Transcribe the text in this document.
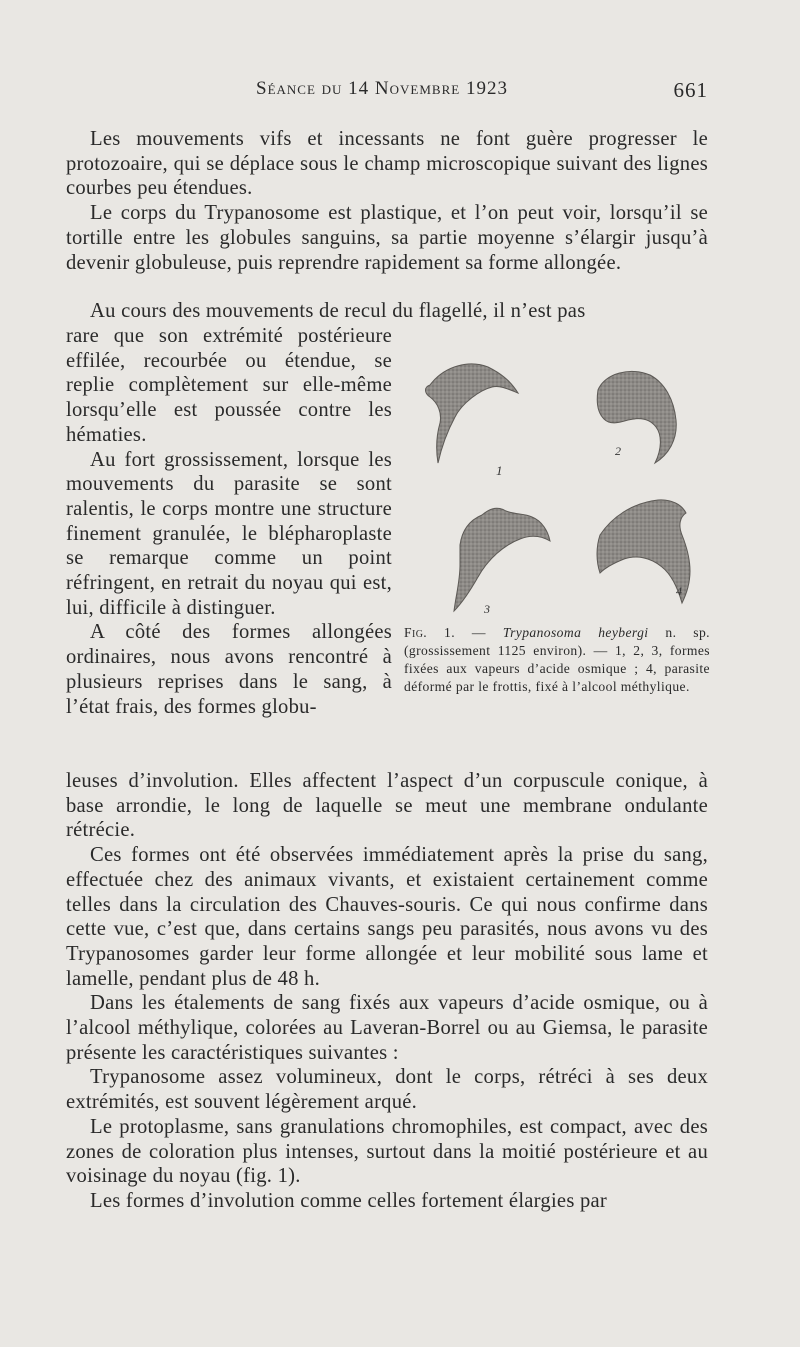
Séance du 14 Novembre 1923	661

Les mouvements vifs et incessants ne font guère progresser le protozoaire, qui se déplace sous le champ microscopique suivant des lignes courbes peu étendues.

Le corps du Trypanosome est plastique, et l’on peut voir, lorsqu’il se tortille entre les globules sanguins, sa partie moyenne s’élargir jusqu’à devenir globuleuse, puis reprendre rapidement sa forme allongée.

Au cours des mouvements de recul du flagellé, il n’est pas

rare que son extrémité postérieure effilée, recourbée ou étendue, se replie complètement sur elle-même lorsqu’elle est poussée contre les hématies.

Au fort grossissement, lorsque les mouvements du parasite se sont ralentis, le corps montre une structure finement granulée, le blépharoplaste se remarque comme un point réfringent, en retrait du noyau qui est, lui, difficile à distinguer.

A côté des formes allongées ordinaires, nous avons rencontré à plusieurs reprises dans le sang, à l’état frais, des formes globu-

1
2
3
4
Fig. 1. — Trypanosoma heybergi n. sp. (grossissement 1125 environ). — 1, 2, 3, formes fixées aux vapeurs d’acide osmique ; 4, parasite déformé par le frottis, fixé à l’alcool méthylique.

leuses d’involution. Elles affectent l’aspect d’un corpuscule conique, à base arrondie, le long de laquelle se meut une membrane ondulante rétrécie.

Ces formes ont été observées immédiatement après la prise du sang, effectuée chez des animaux vivants, et existaient certainement comme telles dans la circulation des Chauves-souris. Ce qui nous confirme dans cette vue, c’est que, dans certains sangs peu parasités, nous avons vu des Trypanosomes garder leur forme allongée et leur mobilité sous lame et lamelle, pendant plus de 48 h.

Dans les étalements de sang fixés aux vapeurs d’acide osmique, ou à l’alcool méthylique, colorées au Laveran-Borrel ou au Giemsa, le parasite présente les caractéristiques suivantes :

Trypanosome assez volumineux, dont le corps, rétréci à ses deux extrémités, est souvent légèrement arqué.

Le protoplasme, sans granulations chromophiles, est compact, avec des zones de coloration plus intenses, surtout dans la moitié postérieure et au voisinage du noyau (fig. 1).

Les formes d’involution comme celles fortement élargies par
